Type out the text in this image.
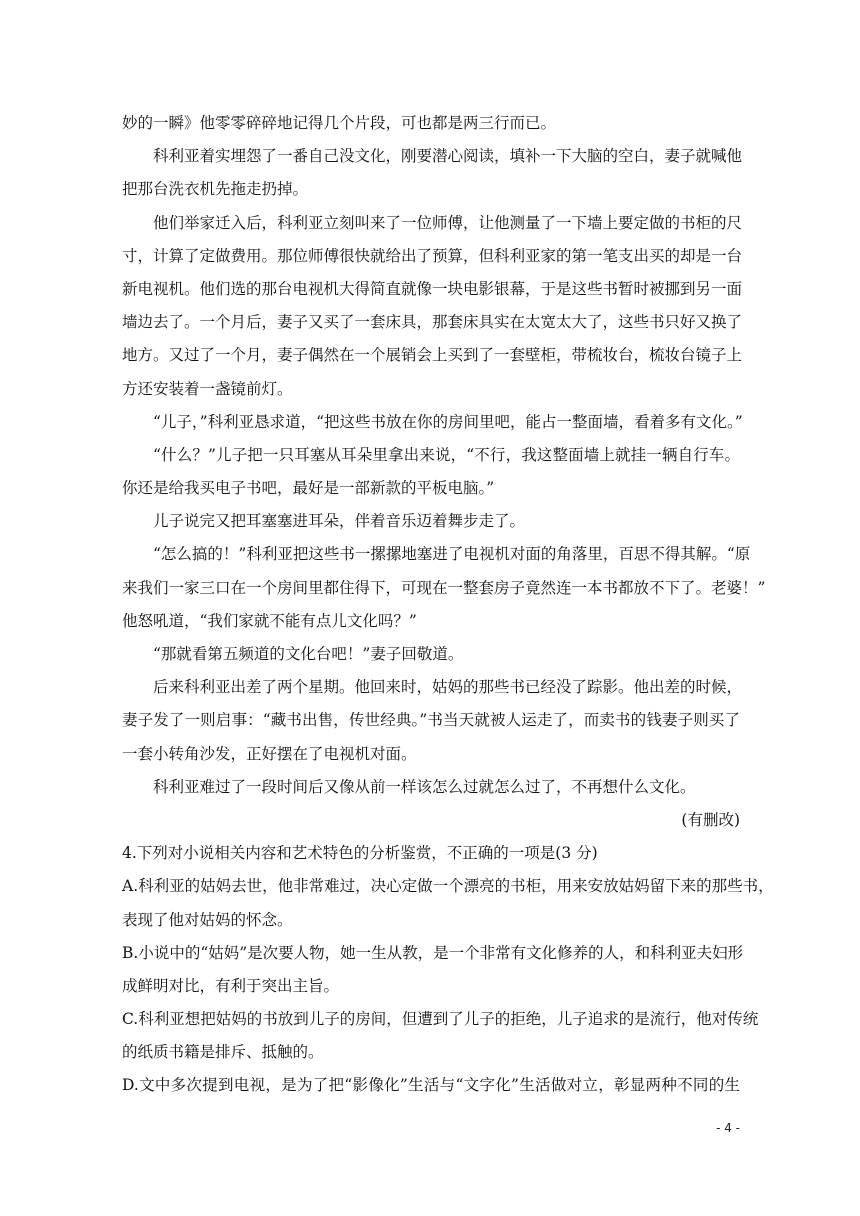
妙的一瞬》他零零碎碎地记得几个片段，可也都是两三行而已。
科利亚着实埋怨了一番自己没文化，刚要潜心阅读，填补一下大脑的空白，妻子就喊他
把那台洗衣机先拖走扔掉。
他们举家迁入后，科利亚立刻叫来了一位师傅，让他测量了一下墙上要定做的书柜的尺
寸，计算了定做费用。那位师傅很快就给出了预算，但科利亚家的第一笔支出买的却是一台
新电视机。他们选的那台电视机大得简直就像一块电影银幕，于是这些书暂时被挪到另一面
墙边去了。一个月后，妻子又买了一套床具，那套床具实在太宽太大了，这些书只好又换了
地方。又过了一个月，妻子偶然在一个展销会上买到了一套壁柜，带梳妆台，梳妆台镜子上
方还安装着一盏镜前灯。
“儿子，”科利亚恳求道，“把这些书放在你的房间里吧，能占一整面墙，看着多有文化。”
“什么？”儿子把一只耳塞从耳朵里拿出来说，“不行，我这整面墙上就挂一辆自行车。
你还是给我买电子书吧，最好是一部新款的平板电脑。”
儿子说完又把耳塞塞进耳朵，伴着音乐迈着舞步走了。
“怎么搞的！”科利亚把这些书一摞摞地塞进了电视机对面的角落里，百思不得其解。“原
来我们一家三口在一个房间里都住得下，可现在一整套房子竟然连一本书都放不下了。老婆！”
他怒吼道，“我们家就不能有点儿文化吗？”
“那就看第五频道的文化台吧！”妻子回敬道。
后来科利亚出差了两个星期。他回来时，姑妈的那些书已经没了踪影。他出差的时候，
妻子发了一则启事：“藏书出售，传世经典。”书当天就被人运走了，而卖书的钱妻子则买了
一套小转角沙发，正好摆在了电视机对面。
科利亚难过了一段时间后又像从前一样该怎么过就怎么过了，不再想什么文化。
(有删改)
4.下列对小说相关内容和艺术特色的分析鉴赏，不正确的一项是(3 分)
A.科利亚的姑妈去世，他非常难过，决心定做一个漂亮的书柜，用来安放姑妈留下来的那些书，
表现了他对姑妈的怀念。
B.小说中的“姑妈”是次要人物，她一生从教，是一个非常有文化修养的人，和科利亚夫妇形
成鲜明对比，有利于突出主旨。
C.科利亚想把姑妈的书放到儿子的房间，但遭到了儿子的拒绝，儿子追求的是流行，他对传统
的纸质书籍是排斥、抵触的。
D.文中多次提到电视，是为了把“影像化”生活与“文字化”生活做对立，彰显两种不同的生
- 4 -
